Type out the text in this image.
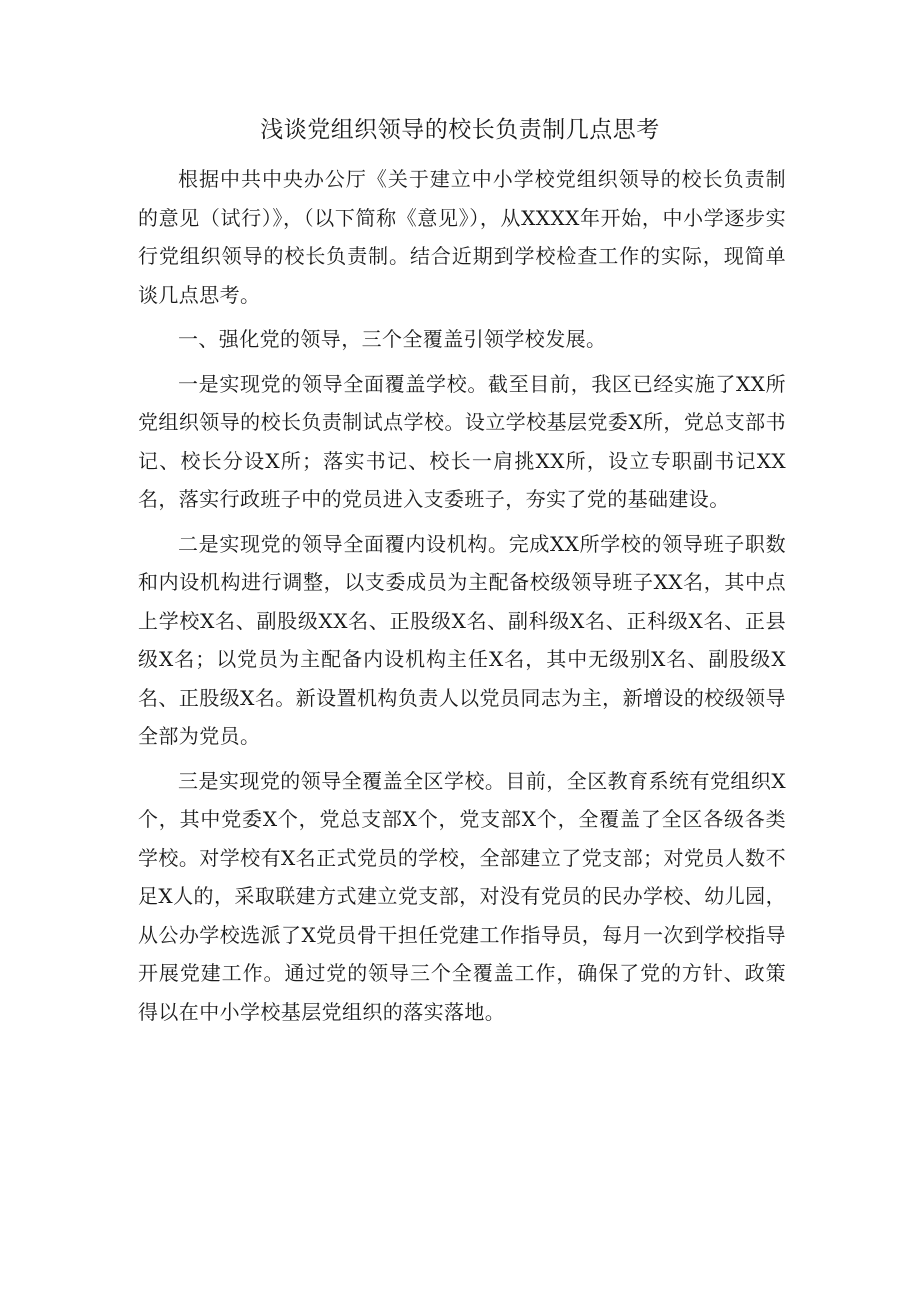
浅谈党组织领导的校长负责制几点思考

根据中共中央办公厅《关于建立中小学校党组织领导的校长负责制的意见（试行）》，（以下简称《意见》），从XXXX年开始，中小学逐步实行党组织领导的校长负责制。结合近期到学校检查工作的实际，现简单谈几点思考。

一、强化党的领导，三个全覆盖引领学校发展。

一是实现党的领导全面覆盖学校。截至目前，我区已经实施了XX所党组织领导的校长负责制试点学校。设立学校基层党委X所，党总支部书记、校长分设X所；落实书记、校长一肩挑XX所，设立专职副书记XX名，落实行政班子中的党员进入支委班子，夯实了党的基础建设。

二是实现党的领导全面覆内设机构。完成XX所学校的领导班子职数和内设机构进行调整，以支委成员为主配备校级领导班子XX名，其中点上学校X名、副股级XX名、正股级X名、副科级X名、正科级X名、正县级X名；以党员为主配备内设机构主任X名，其中无级别X名、副股级X名、正股级X名。新设置机构负责人以党员同志为主，新增设的校级领导全部为党员。

三是实现党的领导全覆盖全区学校。目前，全区教育系统有党组织X个，其中党委X个，党总支部X个，党支部X个，全覆盖了全区各级各类学校。对学校有X名正式党员的学校，全部建立了党支部；对党员人数不足X人的，采取联建方式建立党支部，对没有党员的民办学校、幼儿园，从公办学校选派了X党员骨干担任党建工作指导员，每月一次到学校指导开展党建工作。通过党的领导三个全覆盖工作，确保了党的方针、政策得以在中小学校基层党组织的落实落地。
